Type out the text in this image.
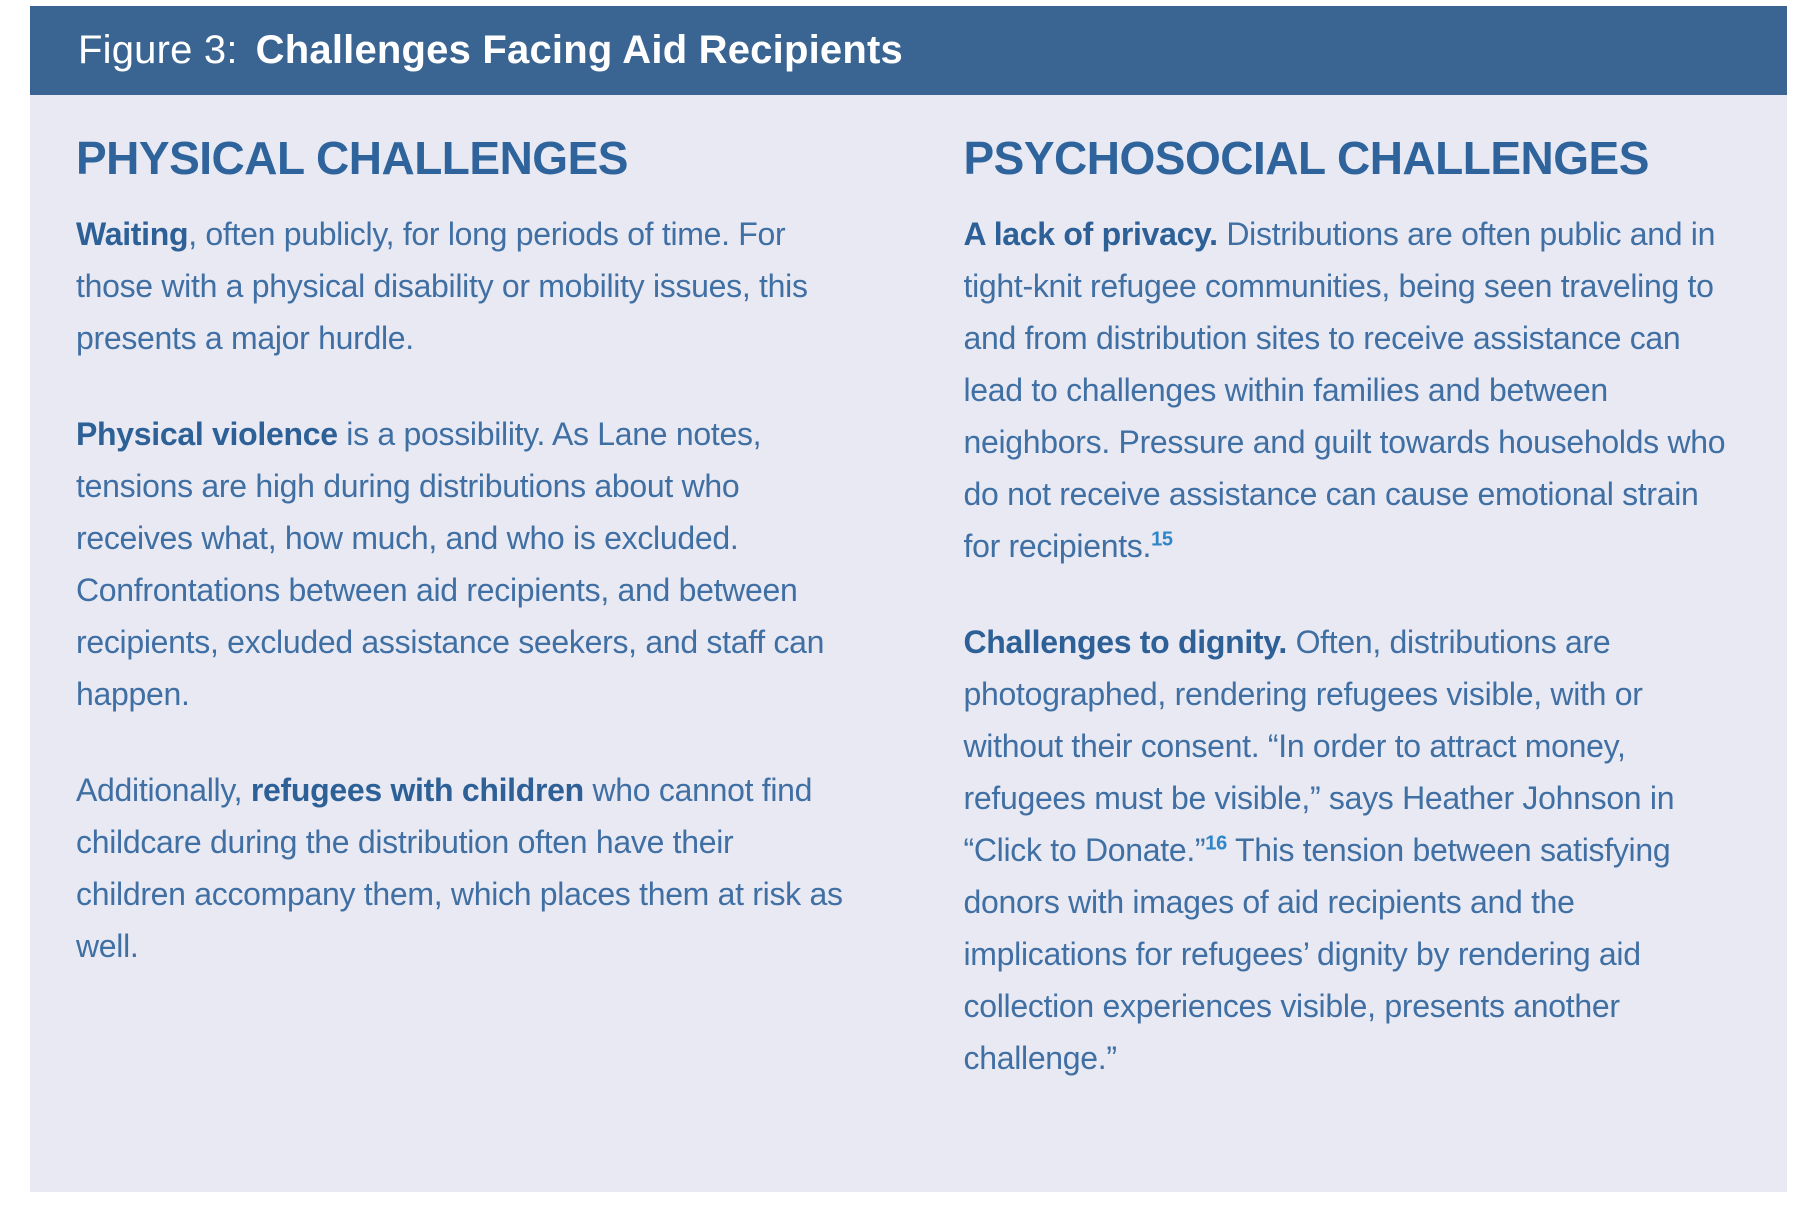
Figure 3: Challenges Facing Aid Recipients
PHYSICAL CHALLENGES

Waiting, often publicly, for long periods of time. For those with a physical disability or mobility issues, this presents a major hurdle.

Physical violence is a possibility. As Lane notes, tensions are high during distributions about who receives what, how much, and who is excluded. Confrontations between aid recipients, and between recipients, excluded assistance seekers, and staff can happen.

Additionally, refugees with children who cannot find childcare during the distribution often have their children accompany them, which places them at risk as well.

PSYCHOSOCIAL CHALLENGES

A lack of privacy. Distributions are often public and in tight-knit refugee communities, being seen traveling to and from distribution sites to receive assistance can lead to challenges within families and between neighbors. Pressure and guilt towards households who do not receive assistance can cause emotional strain for recipients.$^{15}$

Challenges to dignity. Often, distributions are photographed, rendering refugees visible, with or without their consent. “In order to attract money, refugees must be visible,” says Heather Johnson in “Click to Donate.”$^{16}$ This tension between satisfying donors with images of aid recipients and the implications for refugees’ dignity by rendering aid collection experiences visible, presents another challenge.”
